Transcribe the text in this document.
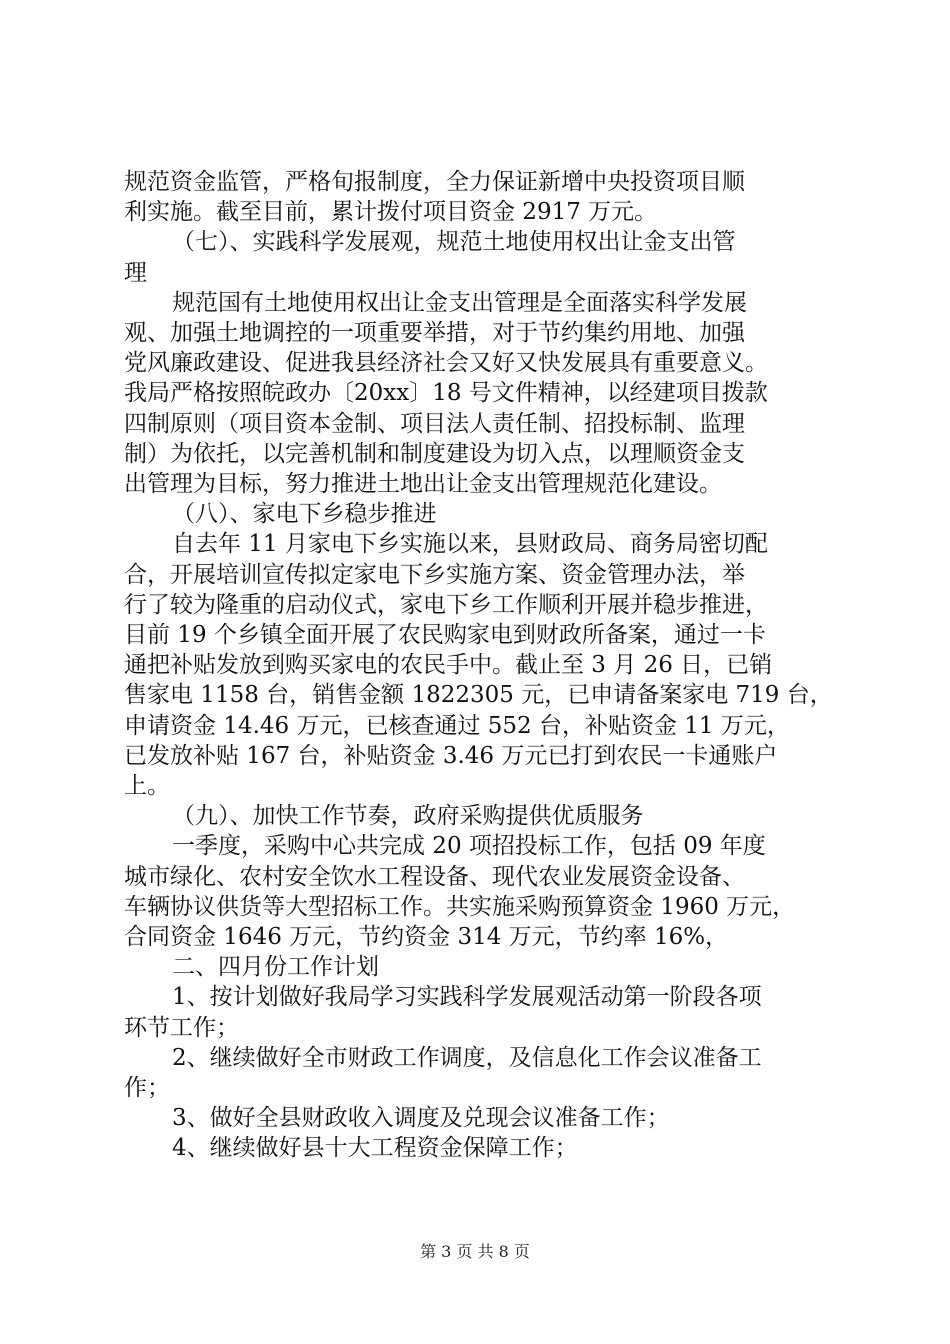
规范资金监管，严格旬报制度，全力保证新增中央投资项目顺
利实施。截至目前，累计拨付项目资金 2917 万元。
（七）、实践科学发展观，规范土地使用权出让金支出管
理
规范国有土地使用权出让金支出管理是全面落实科学发展
观、加强土地调控的一项重要举措，对于节约集约用地、加强
党风廉政建设、促进我县经济社会又好又快发展具有重要意义。
我局严格按照皖政办〔20xx〕18 号文件精神，以经建项目拨款
四制原则（项目资本金制、项目法人责任制、招投标制、监理
制）为依托，以完善机制和制度建设为切入点，以理顺资金支
出管理为目标，努力推进土地出让金支出管理规范化建设。
（八）、家电下乡稳步推进
自去年 11 月家电下乡实施以来，县财政局、商务局密切配
合，开展培训宣传拟定家电下乡实施方案、资金管理办法，举
行了较为隆重的启动仪式，家电下乡工作顺利开展并稳步推进，
目前 19 个乡镇全面开展了农民购家电到财政所备案，通过一卡
通把补贴发放到购买家电的农民手中。截止至 3 月 26 日，已销
售家电 1158 台，销售金额 1822305 元，已申请备案家电 719 台，
申请资金 14.46 万元，已核查通过 552 台，补贴资金 11 万元，
已发放补贴 167 台，补贴资金 3.46 万元已打到农民一卡通账户
上。
（九）、加快工作节奏，政府采购提供优质服务
一季度，采购中心共完成 20 项招投标工作，包括 09 年度
城市绿化、农村安全饮水工程设备、现代农业发展资金设备、
车辆协议供货等大型招标工作。共实施采购预算资金 1960 万元，
合同资金 1646 万元，节约资金 314 万元，节约率 16%，
二、四月份工作计划
1、按计划做好我局学习实践科学发展观活动第一阶段各项
环节工作；
2、继续做好全市财政工作调度，及信息化工作会议准备工
作；
3、做好全县财政收入调度及兑现会议准备工作；
4、继续做好县十大工程资金保障工作；
第 3 页 共 8 页
